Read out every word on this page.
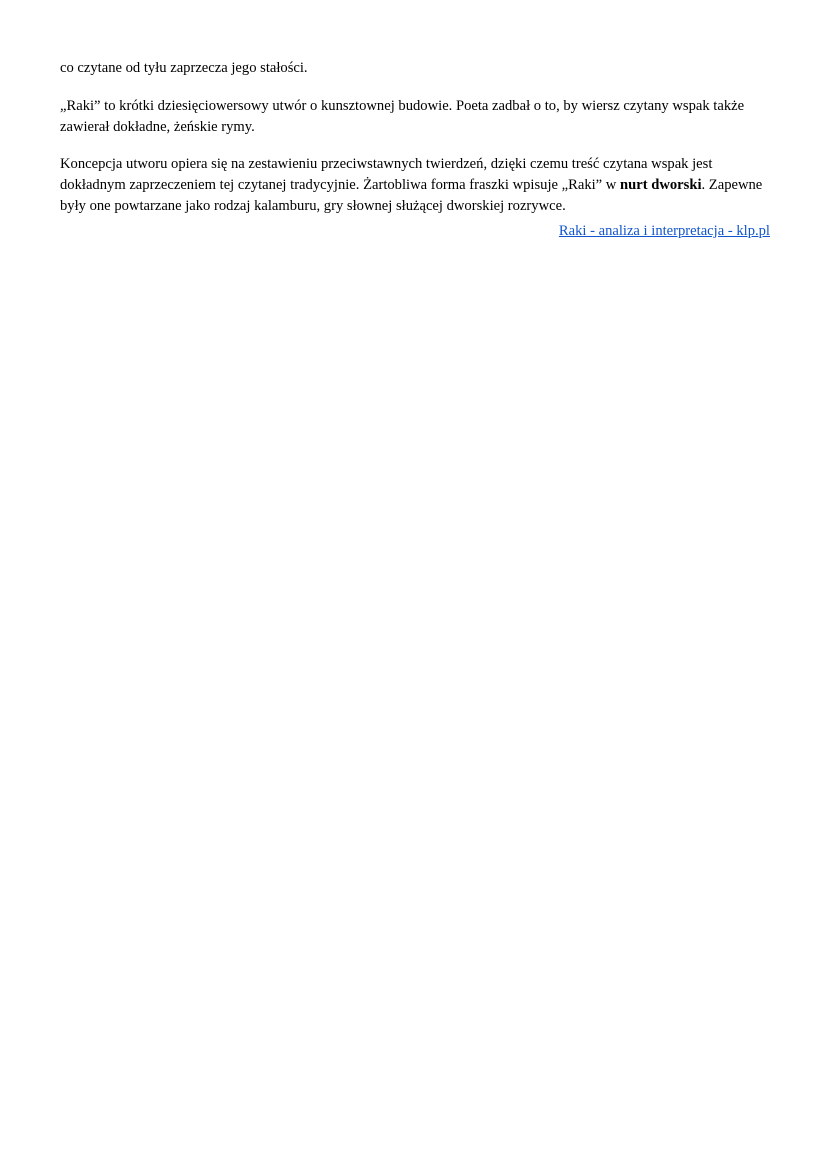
co czytane od tyłu zaprzecza jego stałości.

„Raki” to krótki dziesięciowersowy utwór o kunsztownej budowie. Poeta zadbał o to, by wiersz czytany wspak także zawierał dokładne, żeńskie rymy.

Koncepcja utworu opiera się na zestawieniu przeciwstawnych twierdzeń, dzięki czemu treść czytana wspak jest dokładnym zaprzeczeniem tej czytanej tradycyjnie. Żartobliwa forma fraszki wpisuje „Raki” w nurt dworski. Zapewne były one powtarzane jako rodzaj kalamburu, gry słownej służącej dworskiej rozrywce.

Raki - analiza i interpretacja - klp.pl
